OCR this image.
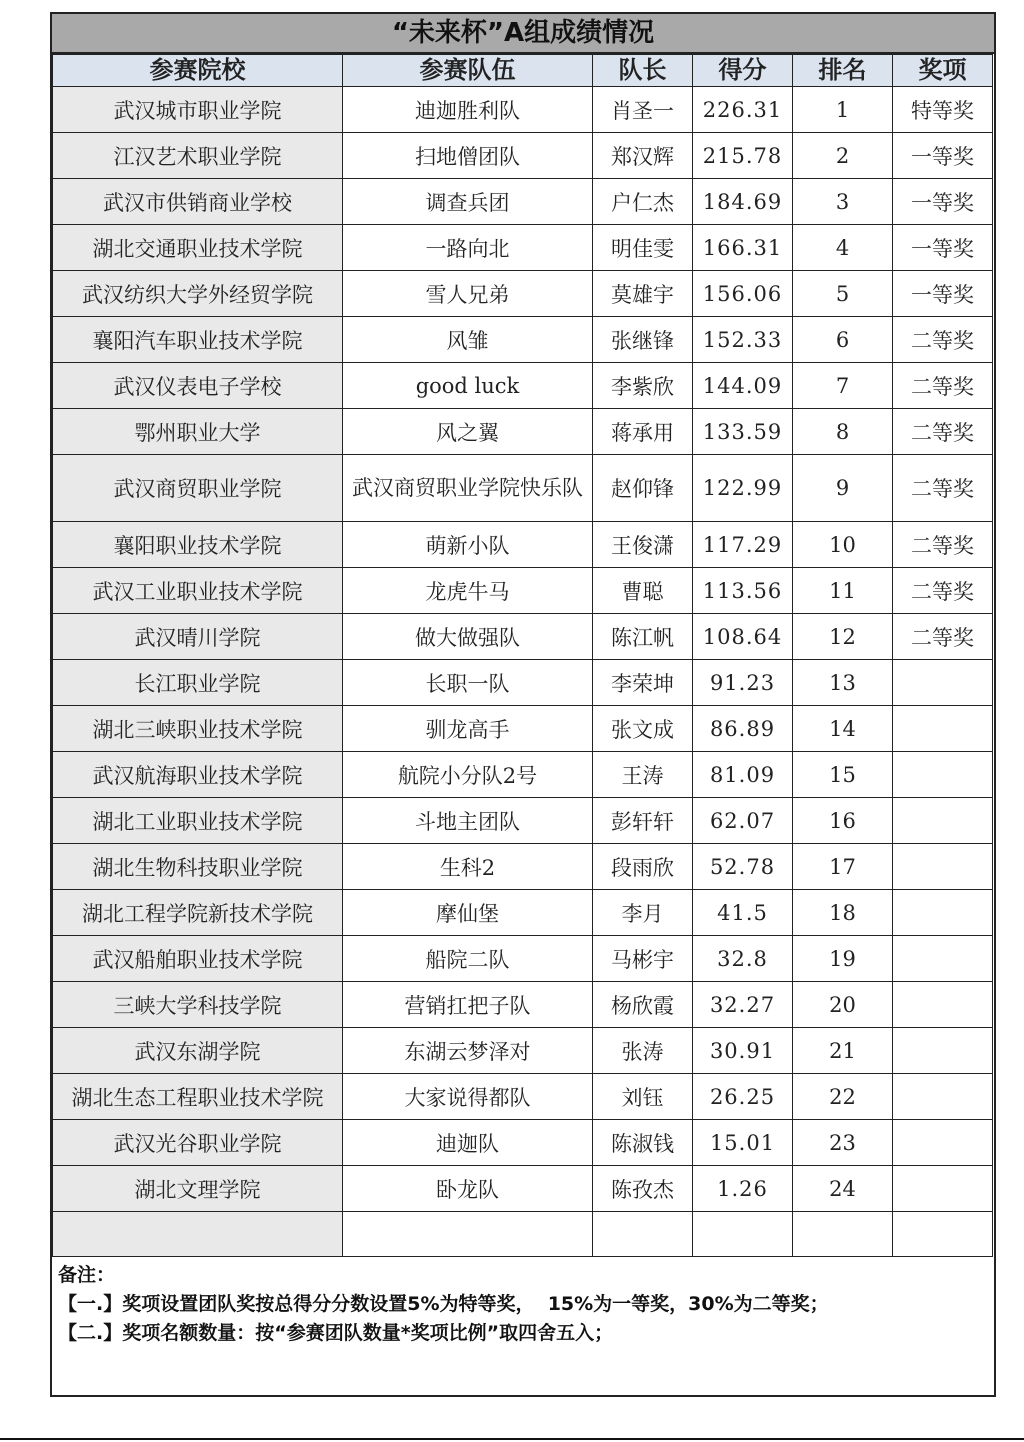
“未来杯”A组成绩情况
参赛院校	参赛队伍	队长	得分	排名	奖项
武汉城市职业学院	迪迦胜利队	肖圣一	226.31	1	特等奖
江汉艺术职业学院	扫地僧团队	郑汉辉	215.78	2	一等奖
武汉市供销商业学校	调查兵团	户仁杰	184.69	3	一等奖
湖北交通职业技术学院	一路向北	明佳雯	166.31	4	一等奖
武汉纺织大学外经贸学院	雪人兄弟	莫雄宇	156.06	5	一等奖
襄阳汽车职业技术学院	风雏	张继锋	152.33	6	二等奖
武汉仪表电子学校	good luck	李紫欣	144.09	7	二等奖
鄂州职业大学	风之翼	蒋承用	133.59	8	二等奖
武汉商贸职业学院	武汉商贸职业学院快乐队	赵仰锋	122.99	9	二等奖
襄阳职业技术学院	萌新小队	王俊潇	117.29	10	二等奖
武汉工业职业技术学院	龙虎牛马	曹聪	113.56	11	二等奖
武汉晴川学院	做大做强队	陈江帆	108.64	12	二等奖
长江职业学院	长职一队	李荣坤	91.23	13	
湖北三峡职业技术学院	驯龙高手	张文成	86.89	14	
武汉航海职业技术学院	航院小分队2号	王涛	81.09	15	
湖北工业职业技术学院	斗地主团队	彭轩轩	62.07	16	
湖北生物科技职业学院	生科2	段雨欣	52.78	17	
湖北工程学院新技术学院	摩仙堡	李月	41.5	18	
武汉船舶职业技术学院	船院二队	马彬宇	32.8	19	
三峡大学科技学院	营销扛把子队	杨欣霞	32.27	20	
武汉东湖学院	东湖云梦泽对	张涛	30.91	21	
湖北生态工程职业技术学院	大家说得都队	刘钰	26.25	22	
武汉光谷职业学院	迪迦队	陈淑钱	15.01	23	
湖北文理学院	卧龙队	陈孜杰	1.26	24	

备注：
【一.】奖项设置团队奖按总得分分数设置5%为特等奖，  15%为一等奖，30%为二等奖；
【二.】奖项名额数量：按“参赛团队数量*奖项比例”取四舍五入；
